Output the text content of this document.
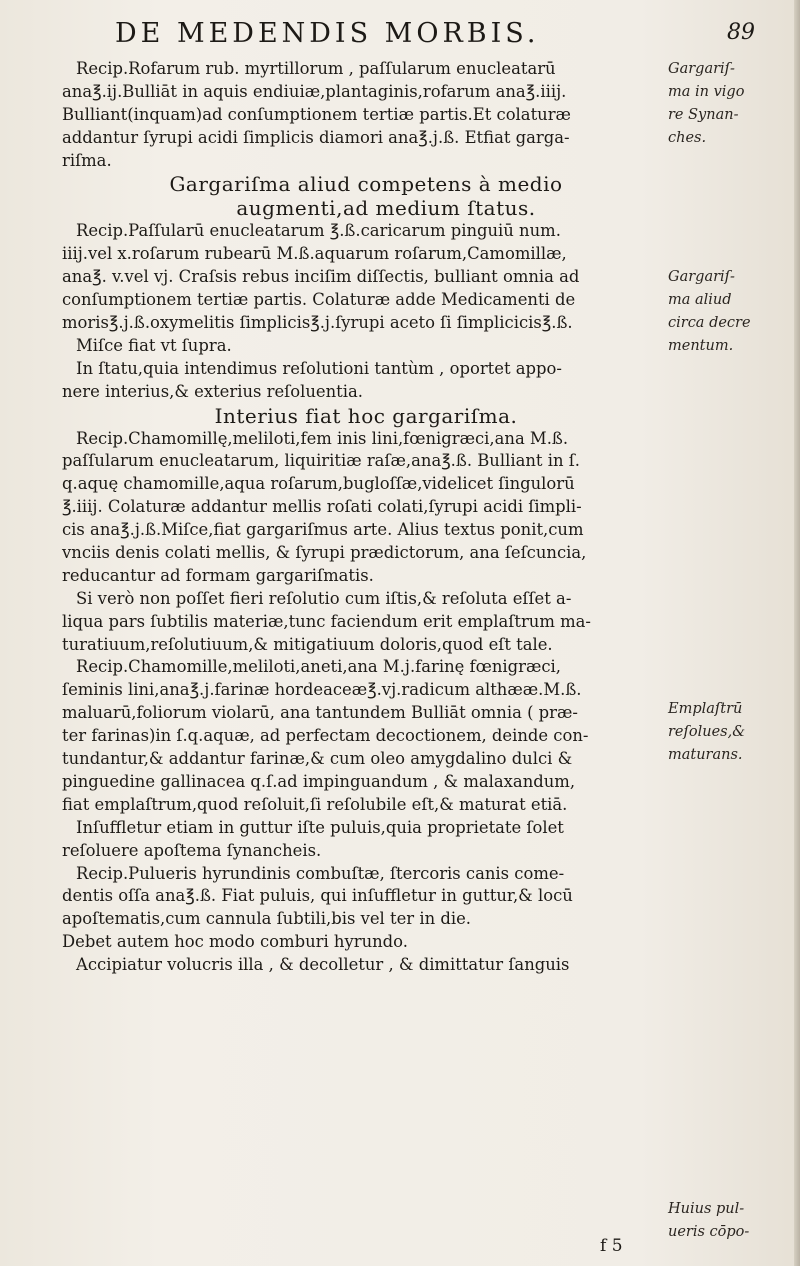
DE MEDENDIS MORBIS.	89
Recip.Rofarum rub. myrtillorum , paſſularum enucleatarū
ana℥.ij.Bulliāt in aquis endiuiæ,plantaginis,rofarum ana℥.iiij.
Bulliant(inquam)ad conſumptionem tertiæ partis.Et colaturæ
addantur ſyrupi acidi ſimplicis diamori ana℥.j.ß. Etfiat garga-
riſma.
Gargariſma aliud competens à medio
augmenti,ad medium ſtatus.
Recip.Paſſularū enucleatarum ℥.ß.caricarum pinguiū num.
iiij.vel x.roſarum rubearū M.ß.aquarum roſarum,Camomillæ,
ana℥. v.vel vj. Craſsis rebus inciſim diſſectis, bulliant omnia ad
conſumptionem tertiæ partis. Colaturæ adde Medicamenti de
moris℥.j.ß.oxymelitis ſimplicis℥.j.ſyrupi aceto ſi ſimplicicis℥.ß.
Miſce fiat vt ſupra.
In ſtatu,quia intendimus reſolutioni tantùm , oportet appo-
nere interius,& exterius reſoluentia.
Interius fiat hoc gargariſma.
Recip.Chamomillę,meliloti,fem inis lini,fœnigræci,ana M.ß.
paſſularum enucleatarum, liquiritiæ raſæ,ana℥.ß. Bulliant in ſ.
q.aquę chamomille,aqua roſarum,bugloſſæ,videlicet ſingulorū
℥.iiij. Colaturæ addantur mellis roſati colati,ſyrupi acidi ſimpli-
cis ana℥.j.ß.Miſce,fiat gargariſmus arte. Alius textus ponit,cum
vnciis denis colati mellis, & ſyrupi prædictorum, ana ſeſcuncia,
reducantur ad formam gargariſmatis.
Si verò non poſſet fieri reſolutio cum iſtis,& reſoluta eſſet a-
liqua pars ſubtilis materiæ,tunc faciendum erit emplaſtrum ma-
turatiuum,reſolutiuum,& mitigatiuum doloris,quod eſt tale.
Recip.Chamomille,meliloti,aneti,ana M.j.farinę fœnigræci,
ſeminis lini,ana℥.j.farinæ hordeaceæ℥.vj.radicum althææ.M.ß.
maluarū,foliorum violarū, ana tantundem Bulliāt omnia ( præ-
ter farinas)in ſ.q.aquæ, ad perfectam decoctionem, deinde con-
tundantur,& addantur farinæ,& cum oleo amygdalino dulci &
pinguedine gallinacea q.ſ.ad impinguandum , & malaxandum,
fiat emplaſtrum,quod reſoluit,ſi reſolubile eſt,& maturat etiā.
Inſuffletur etiam in guttur iſte puluis,quia proprietate ſolet
reſoluere apoſtema ſynancheis.
Recip.Pulueris hyrundinis combuſtæ, ſtercoris canis come-
dentis oſſa ana℥.ß. Fiat puluis, qui inſuffletur in guttur,& locū
apoſtematis,cum cannula ſubtili,bis vel ter in die.
Debet autem hoc modo comburi hyrundo.
Accipiatur volucris illa , & decolletur , & dimittatur ſanguis
Gargariſ-
ma in vigo
re Synan-
ches.
Gargariſ-
ma aliud
circa decre
mentum.
Emplaſtrū
reſolues,&
maturans.
Huius pul-
ueris cōpo-
f 5
